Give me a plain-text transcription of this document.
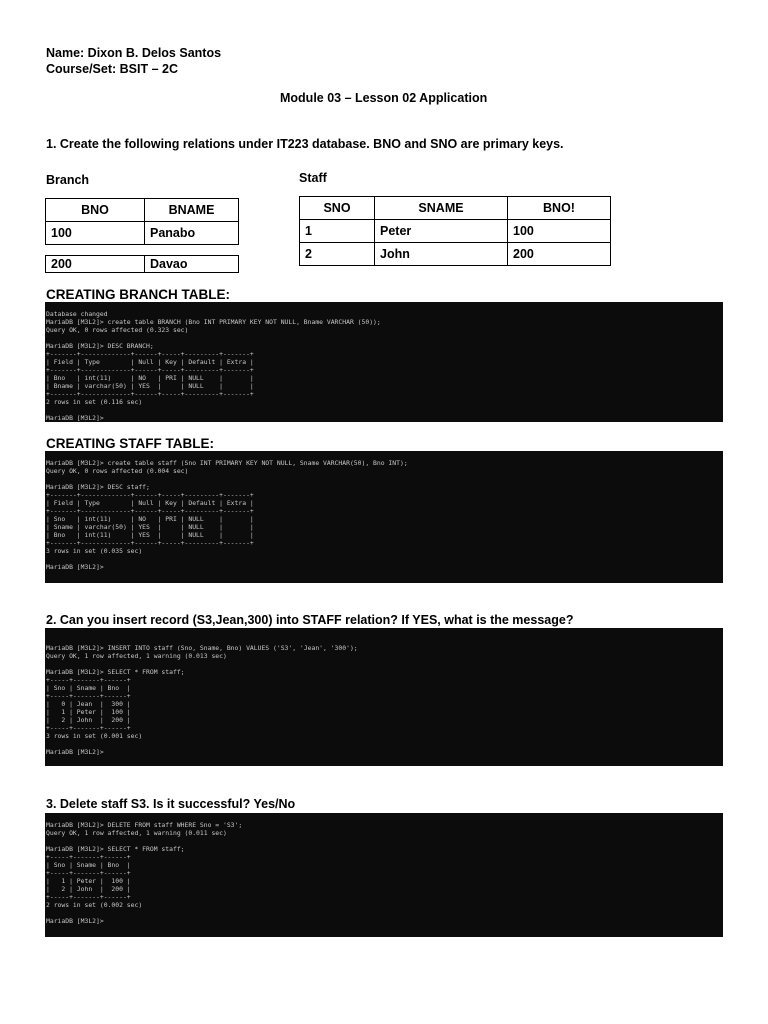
Name: Dixon B. Delos Santos
Course/Set: BSIT – 2C
Module 03 – Lesson 02 Application
1. Create the following relations under IT223 database. BNO and SNO are primary keys.
Branch
BNO	BNAME
100	Panabo
200	Davao
Staff
SNO	SNAME	BNO!
1	Peter	100
2	John	200
CREATING BRANCH TABLE:
Database changed
MariaDB [M3L2]> create table BRANCH (Bno INT PRIMARY KEY NOT NULL, Bname VARCHAR (50));
Query OK, 0 rows affected (0.323 sec)
MariaDB [M3L2]> DESC BRANCH;
+-------+-------------+------+-----+---------+-------+
| Field | Type        | Null | Key | Default | Extra |
+-------+-------------+------+-----+---------+-------+
| Bno   | int(11)     | NO   | PRI | NULL    |       |
| Bname | varchar(50) | YES  |     | NULL    |       |
+-------+-------------+------+-----+---------+-------+
2 rows in set (0.116 sec)
MariaDB [M3L2]>
CREATING STAFF TABLE:
MariaDB [M3L2]> create table staff (Sno INT PRIMARY KEY NOT NULL, Sname VARCHAR(50), Bno INT);
Query OK, 0 rows affected (0.004 sec)
MariaDB [M3L2]> DESC staff;
+-------+-------------+------+-----+---------+-------+
| Field | Type        | Null | Key | Default | Extra |
+-------+-------------+------+-----+---------+-------+
| Sno   | int(11)     | NO   | PRI | NULL    |       |
| Sname | varchar(50) | YES  |     | NULL    |       |
| Bno   | int(11)     | YES  |     | NULL    |       |
+-------+-------------+------+-----+---------+-------+
3 rows in set (0.035 sec)
MariaDB [M3L2]>
2. Can you insert record (S3,Jean,300) into STAFF relation? If YES, what is the message?
MariaDB [M3L2]> INSERT INTO staff (Sno, Sname, Bno) VALUES ('S3', 'Jean', '300');
Query OK, 1 row affected, 1 warning (0.013 sec)
MariaDB [M3L2]> SELECT * FROM staff;
+-----+-------+------+
| Sno | Sname | Bno  |
+-----+-------+------+
|   0 | Jean  |  300 |
|   1 | Peter |  100 |
|   2 | John  |  200 |
+-----+-------+------+
3 rows in set (0.001 sec)
MariaDB [M3L2]>
3. Delete staff S3. Is it successful? Yes/No
MariaDB [M3L2]> DELETE FROM staff WHERE Sno = 'S3';
Query OK, 1 row affected, 1 warning (0.011 sec)
MariaDB [M3L2]> SELECT * FROM staff;
+-----+-------+------+
| Sno | Sname | Bno  |
+-----+-------+------+
|   1 | Peter |  100 |
|   2 | John  |  200 |
+-----+-------+------+
2 rows in set (0.002 sec)
MariaDB [M3L2]>
